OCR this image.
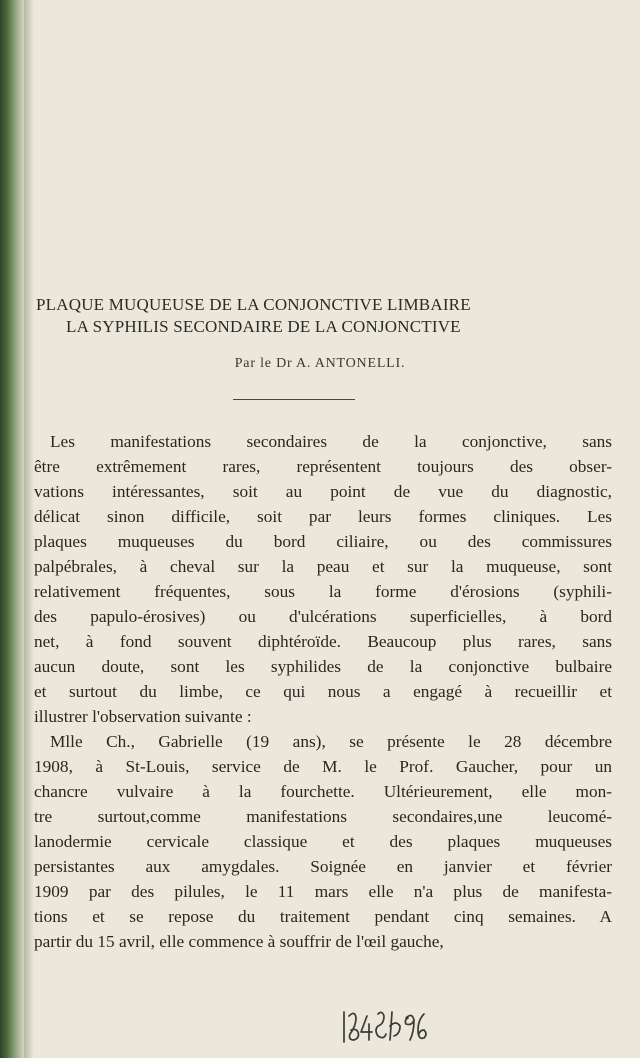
PLAQUE MUQUEUSE DE LA CONJONCTIVE LIMBAIRE
LA SYPHILIS SECONDAIRE DE LA CONJONCTIVE
Par le Dr A. ANTONELLI.
Les manifestations secondaires de la conjonctive, sans
être extrêmement rares, représentent toujours des obser-
vations intéressantes, soit au point de vue du diagnostic,
délicat sinon difficile, soit par leurs formes cliniques. Les
plaques muqueuses du bord ciliaire, ou des commissures
palpébrales, à cheval sur la peau et sur la muqueuse, sont
relativement fréquentes, sous la forme d'érosions (syphili-
des papulo-érosives) ou d'ulcérations superficielles, à bord
net, à fond souvent diphtéroïde. Beaucoup plus rares, sans
aucun doute, sont les syphilides de la conjonctive bulbaire
et surtout du limbe, ce qui nous a engagé à recueillir et
illustrer l'observation suivante :
Mlle Ch., Gabrielle (19 ans), se présente le 28 décembre
1908, à St-Louis, service de M. le Prof. Gaucher, pour un
chancre vulvaire à la fourchette. Ultérieurement, elle mon-
tre surtout,comme manifestations secondaires,une leucomé-
lanodermie cervicale classique et des plaques muqueuses
persistantes aux amygdales. Soignée en janvier et février
1909 par des pilules, le 11 mars elle n'a plus de manifesta-
tions et se repose du traitement pendant cinq semaines. A
partir du 15 avril, elle commence à souffrir de l'œil gauche,
